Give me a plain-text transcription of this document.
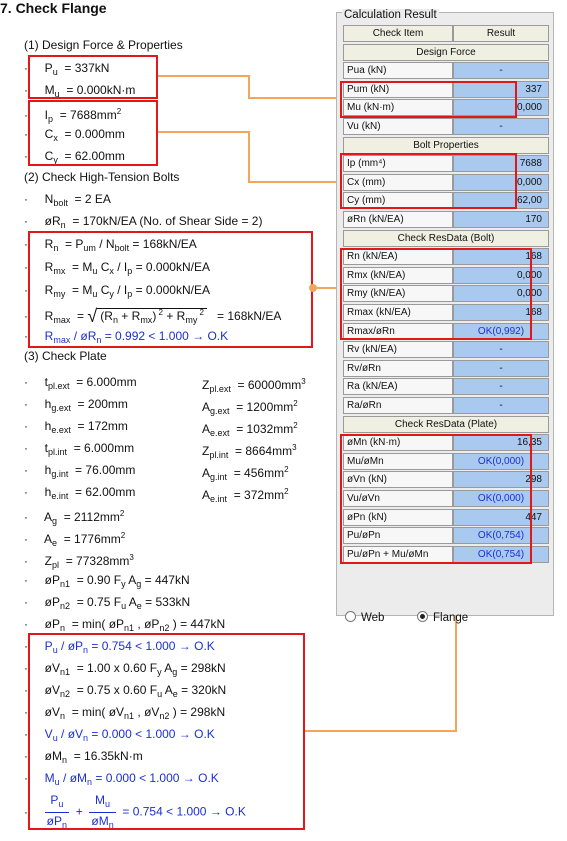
7. Check Flange
(1) Design Force & Properties
· $P_u = 337kN$
· $M_u = 0.000kN\cdot m$
· $I_p = 7688mm^2$
· $C_x = 0.000mm$
· $C_y = 62.00mm$
(2) Check High-Tension Bolts
· $N_{bolt} = 2$ EA
· $øR_n = 170kN/EA$ (No. of Shear Side = 2)
· $R_n = P_{um} / N_{bolt} = 168kN/EA$
· $R_{mx} = M_u$ $C_x / I_p = 0.000kN/EA$
· $R_{my} = M_u$ $C_y / I_p = 0.000kN/EA$
· $R_{max}$ = √ $(R_n + R_{mx}) ^2 + R_{my}$ $^2$ = 168kN/EA
· $R_{max}$ / $øR_n = 0.992 < 1.000 \to O.K$
(3) Check Plate
· $t_{pl.ext} = 6.000mm$	$Z_{pl.ext} = 60000mm^3$
· $h_{g.ext} = 200mm$	$A_{g.ext} = 1200mm^2$
· $h_{e.ext} = 172mm$	$A_{e.ext} = 1032mm^2$
· $t_{pl.int} = 6.000mm$	$Z_{pl.int} = 8664mm^3$
· $h_{g.int} = 76.00mm$	$A_{g.int} = 456mm^2$
· $h_{e.int} = 62.00mm$	$A_{e.int} = 372mm^2$
· $A_g = 2112mm^2$
· $A_e = 1776mm^2$
· $Z_{pl} = 77328mm^3$
· $øP_{n1} = 0.90$ $F_y$ $A_g = 447kN$
· $øP_{n2} = 0.75$ $F_u$ $A_e = 533kN$
· $øP_n = \min$( $øP_{n1}$ , $øP_{n2}$ ) = 447kN
· $P_u$ / $øP_n = 0.754 < 1.000 \to O.K$
· $øV_{n1} = 1.00$ x 0.60 $F_y$ $A_g = 298kN$
· $øV_{n2} = 0.75$ x 0.60 $F_u$ $A_e = 320kN$
· $øV_n = \min$( $øV_{n1}$ , $øV_{n2}$ ) = 298kN
· $V_u$ / $øV_n = 0.000 < 1.000 \to O.K$
· $øM_n = 16.35kN\cdot m$
· $M_u$ / $øM_n = 0.000 < 1.000 \to O.K$
· $\frac{P_u}{øP_n} + \frac{M_u}{øM_n} = 0.754 < 1.000 \to O.K$
Calculation Result
Check Item	Result
Design Force
Pua (kN)	-
Pum (kN)	337
Mu (kN·m)	0,000
Vu (kN)	-
Bolt Properties
Ip (mm⁴)	7688
Cx (mm)	0,000
Cy (mm)	62,00
øRn (kN/EA)	170
Check ResData (Bolt)
Rn (kN/EA)	168
Rmx (kN/EA)	0,000
Rmy (kN/EA)	0,000
Rmax (kN/EA)	168
Rmax/øRn	OK(0,992)
Rv (kN/EA)	-
Rv/øRn	-
Ra (kN/EA)	-
Ra/øRn	-
Check ResData (Plate)
øMn (kN·m)	16,35
Mu/øMn	OK(0,000)
øVn (kN)	298
Vu/øVn	OK(0,000)
øPn (kN)	447
Pu/øPn	OK(0,754)
Pu/øPn + Mu/øMn	OK(0,754)
Web	Flange
